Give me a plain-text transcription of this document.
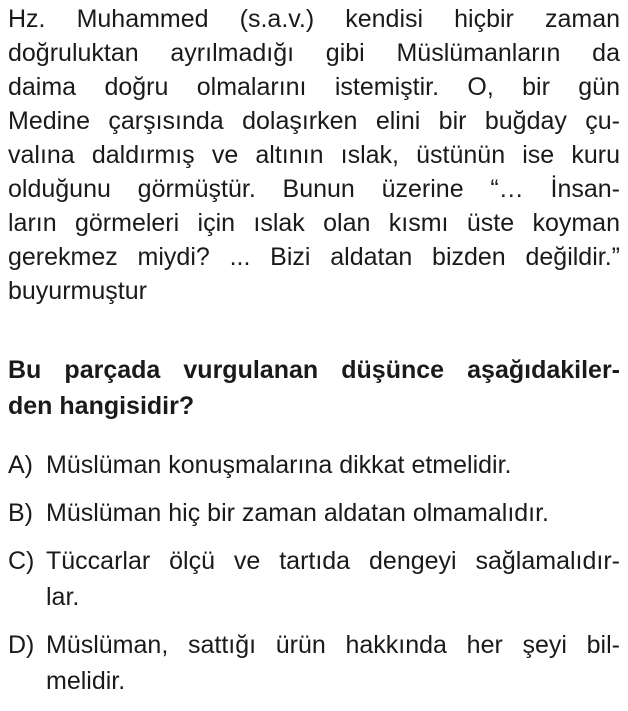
Hz. Muhammed (s.a.v.) kendisi hiçbir zaman
doğruluktan ayrılmadığı gibi Müslümanların da
daima doğru olmalarını istemiştir. O, bir gün
Medine çarşısında dolaşırken elini bir buğday çu-
valına daldırmış ve altının ıslak, üstünün ise kuru
olduğunu görmüştür. Bunun üzerine “… İnsan-
ların görmeleri için ıslak olan kısmı üste koyman
gerekmez miydi? ... Bizi aldatan bizden değildir.”
buyurmuştur
Bu parçada vurgulanan düşünce aşağıdakiler-
den hangisidir?
A) Müslüman konuşmalarına dikkat etmelidir.
B) Müslüman hiç bir zaman aldatan olmamalıdır.
C) Tüccarlar ölçü ve tartıda dengeyi sağlamalıdır-
lar.
D) Müslüman, sattığı ürün hakkında her şeyi bil-
melidir.
